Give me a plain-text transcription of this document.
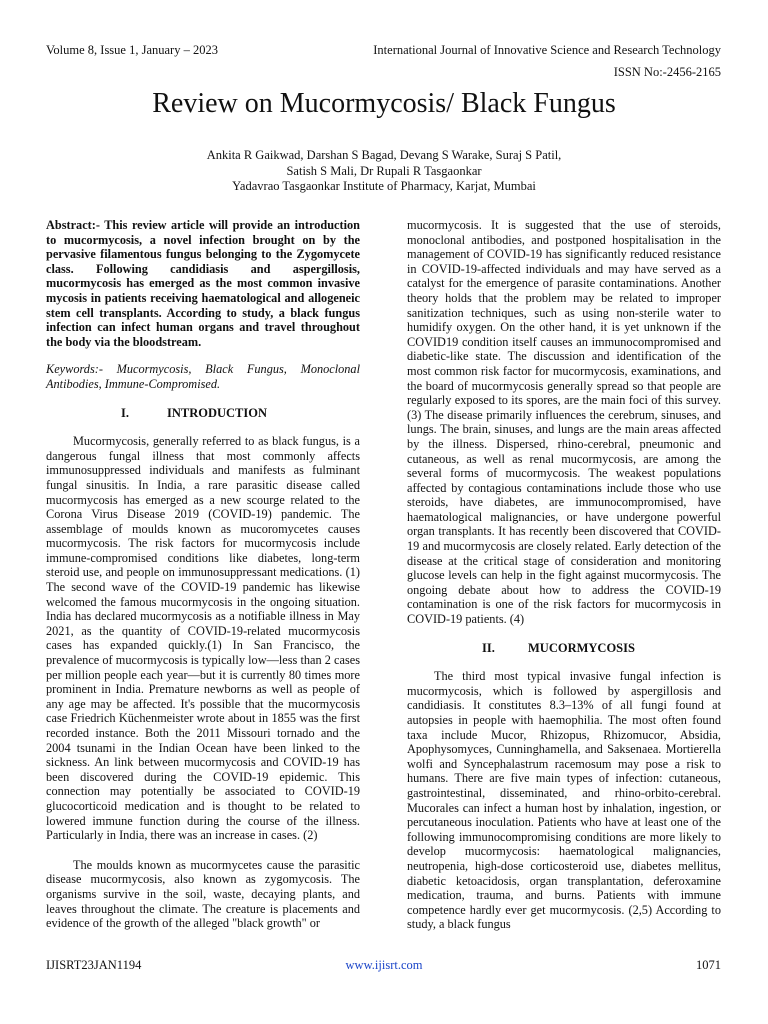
Volume 8, Issue 1, January – 2023	International Journal of Innovative Science and Research Technology
ISSN No:-2456-2165
Review on Mucormycosis/ Black Fungus
Ankita R Gaikwad, Darshan S Bagad, Devang S Warake, Suraj S Patil,
Satish S Mali, Dr Rupali R Tasgaonkar
Yadavrao Tasgaonkar Institute of Pharmacy, Karjat, Mumbai

Abstract:- This review article will provide an introduction to mucormycosis, a novel infection brought on by the pervasive filamentous fungus belonging to the Zygomycete class. Following candidiasis and aspergillosis, mucormycosis has emerged as the most common invasive mycosis in patients receiving haematological and allogeneic stem cell transplants. According to study, a black fungus infection can infect human organs and travel throughout the body via the bloodstream.

Keywords:- Mucormycosis, Black Fungus, Monoclonal Antibodies, Immune-Compromised.

I.	INTRODUCTION

Mucormycosis, generally referred to as black fungus, is a dangerous fungal illness that most commonly affects immunosuppressed individuals and manifests as fulminant fungal sinusitis. In India, a rare parasitic disease called mucormycosis has emerged as a new scourge related to the Corona Virus Disease 2019 (COVID-19) pandemic. The assemblage of moulds known as mucoromycetes causes mucormycosis. The risk factors for mucormycosis include immune-compromised conditions like diabetes, long-term steroid use, and people on immunosuppressant medications. (1) The second wave of the COVID-19 pandemic has likewise welcomed the famous mucormycosis in the ongoing situation. India has declared mucormycosis as a notifiable illness in May 2021, as the quantity of COVID-19-related mucormycosis cases has expanded quickly.(1) In San Francisco, the prevalence of mucormycosis is typically low—less than 2 cases per million people each year—but it is currently 80 times more prominent in India. Premature newborns as well as people of any age may be affected. It's possible that the mucormycosis case Friedrich Küchenmeister wrote about in 1855 was the first recorded instance. Both the 2011 Missouri tornado and the 2004 tsunami in the Indian Ocean have been linked to the sickness. An link between mucormycosis and COVID-19 has been discovered during the COVID-19 epidemic. This connection may potentially be associated to COVID-19 glucocorticoid medication and is thought to be related to lowered immune function during the course of the illness. Particularly in India, there was an increase in cases. (2)

The moulds known as mucormycetes cause the parasitic disease mucormycosis, also known as zygomycosis. The organisms survive in the soil, waste, decaying plants, and leaves throughout the climate. The creature is placements and evidence of the growth of the alleged "black growth" or

mucormycosis. It is suggested that the use of steroids, monoclonal antibodies, and postponed hospitalisation in the management of COVID-19 has significantly reduced resistance in COVID-19-affected individuals and may have served as a catalyst for the emergence of parasite contaminations. Another theory holds that the problem may be related to improper sanitization techniques, such as using non-sterile water to humidify oxygen. On the other hand, it is yet unknown if the COVID19 condition itself causes an immunocompromised and diabetic-like state. The discussion and identification of the most common risk factor for mucormycosis, examinations, and the board of mucormycosis generally spread so that people are regularly exposed to its spores, are the main foci of this survey. (3) The disease primarily influences the cerebrum, sinuses, and lungs. The brain, sinuses, and lungs are the main areas affected by the illness. Dispersed, rhino-cerebral, pneumonic and cutaneous, as well as renal mucormycosis, are among the several forms of mucormycosis. The weakest populations affected by contagious contaminations include those who use steroids, have diabetes, are immunocompromised, have haematological malignancies, or have undergone powerful organ transplants. It has recently been discovered that COVID-19 and mucormycosis are closely related. Early detection of the disease at the critical stage of consideration and monitoring glucose levels can help in the fight against mucormycosis. The ongoing debate about how to address the COVID-19 contamination is one of the risk factors for mucormycosis in COVID-19 patients. (4)

II.	MUCORMYCOSIS

The third most typical invasive fungal infection is mucormycosis, which is followed by aspergillosis and candidiasis. It constitutes 8.3–13% of all fungi found at autopsies in people with haemophilia. The most often found taxa include Mucor, Rhizopus, Rhizomucor, Absidia, Apophysomyces, Cunninghamella, and Saksenaea. Mortierella wolfi and Syncephalastrum racemosum may pose a risk to humans. There are five main types of infection: cutaneous, gastrointestinal, disseminated, and rhino-orbito-cerebral. Mucorales can infect a human host by inhalation, ingestion, or percutaneous inoculation. Patients who have at least one of the following immunocompromising conditions are more likely to develop mucormycosis: haematological malignancies, neutropenia, high-dose corticosteroid use, diabetes mellitus, diabetic ketoacidosis, organ transplantation, deferoxamine medication, trauma, and burns. Patients with immune competence hardly ever get mucormycosis. (2,5) According to study, a black fungus

IJISRT23JAN1194	www.ijisrt.com	1071
